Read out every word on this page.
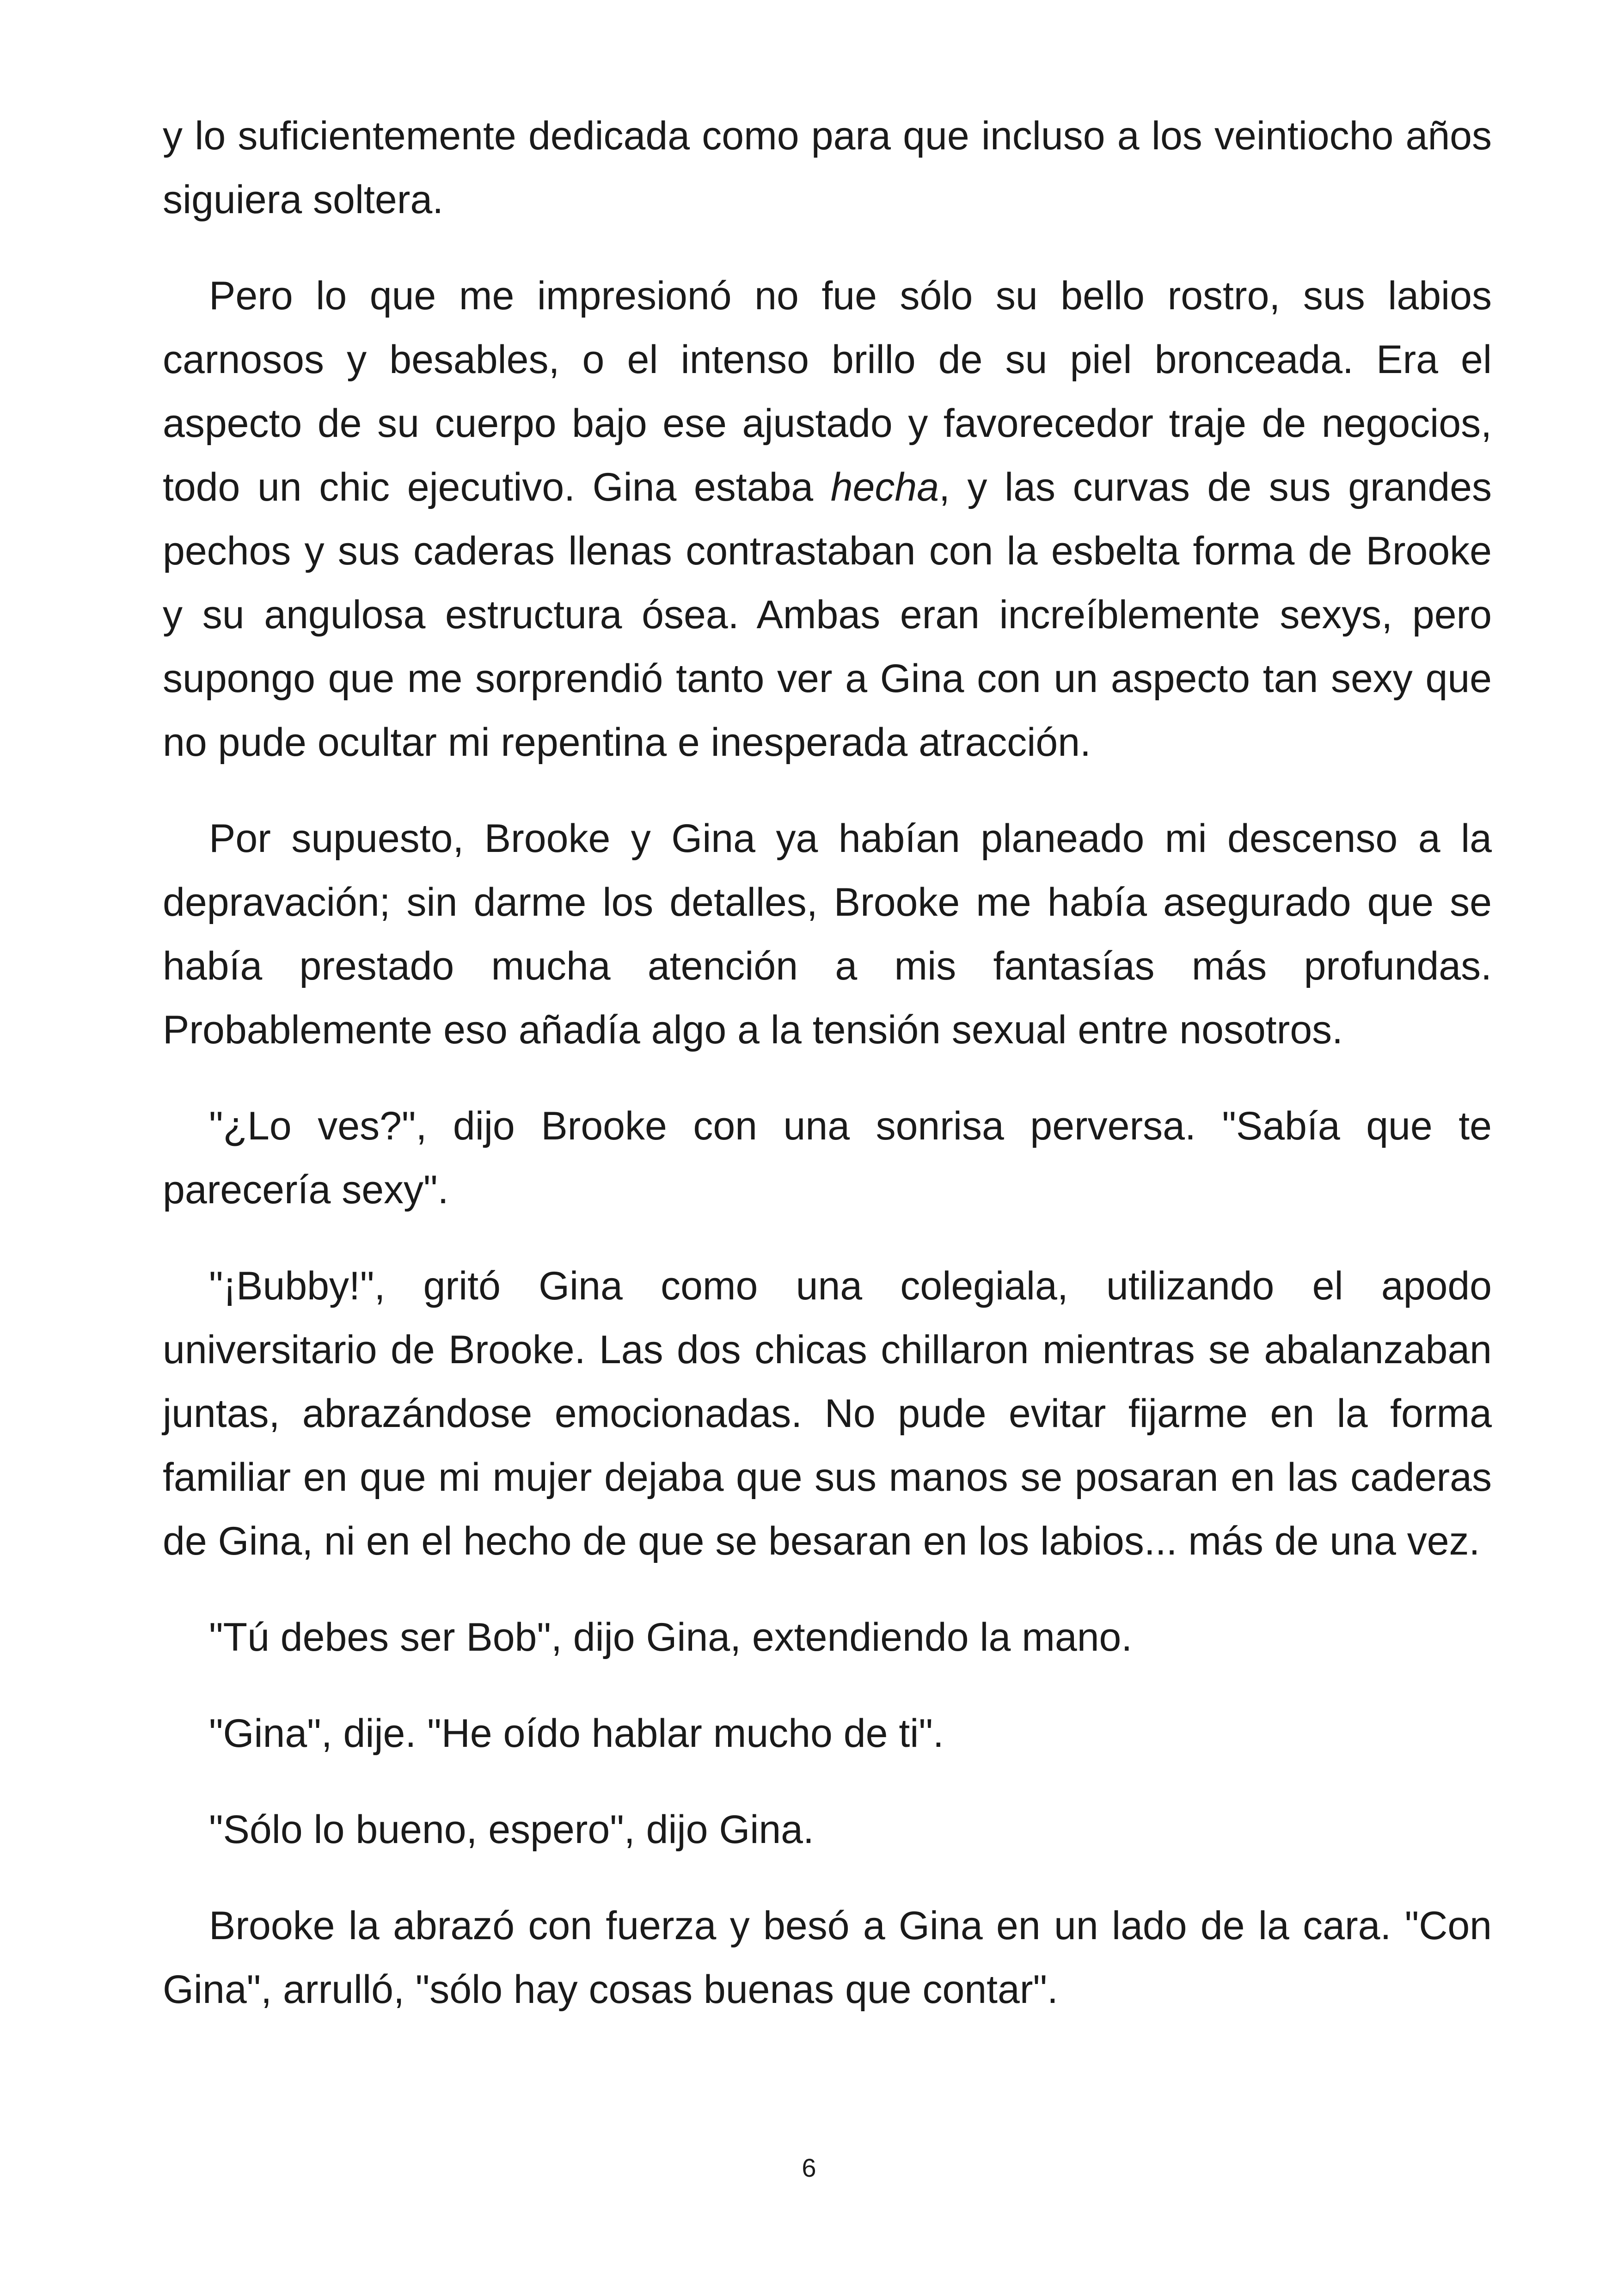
y lo suficientemente dedicada como para que incluso a los veintiocho años siguiera soltera.

Pero lo que me impresionó no fue sólo su bello rostro, sus labios carnosos y besables, o el intenso brillo de su piel bronceada. Era el aspecto de su cuerpo bajo ese ajustado y favorecedor traje de negocios, todo un chic ejecutivo. Gina estaba hecha, y las curvas de sus grandes pechos y sus caderas llenas contrastaban con la esbelta forma de Brooke y su angulosa estructura ósea. Ambas eran increíblemente sexys, pero supongo que me sorprendió tanto ver a Gina con un aspecto tan sexy que no pude ocultar mi repentina e inesperada atracción.

Por supuesto, Brooke y Gina ya habían planeado mi descenso a la depravación; sin darme los detalles, Brooke me había asegurado que se había prestado mucha atención a mis fantasías más profundas. Probablemente eso añadía algo a la tensión sexual entre nosotros.

"¿Lo ves?", dijo Brooke con una sonrisa perversa. "Sabía que te parecería sexy".

"¡Bubby!", gritó Gina como una colegiala, utilizando el apodo universitario de Brooke. Las dos chicas chillaron mientras se abalanzaban juntas, abrazándose emocionadas. No pude evitar fijarme en la forma familiar en que mi mujer dejaba que sus manos se posaran en las caderas de Gina, ni en el hecho de que se besaran en los labios... más de una vez.

"Tú debes ser Bob", dijo Gina, extendiendo la mano.

"Gina", dije. "He oído hablar mucho de ti".

"Sólo lo bueno, espero", dijo Gina.

Brooke la abrazó con fuerza y besó a Gina en un lado de la cara. "Con Gina", arrulló, "sólo hay cosas buenas que contar".

6
